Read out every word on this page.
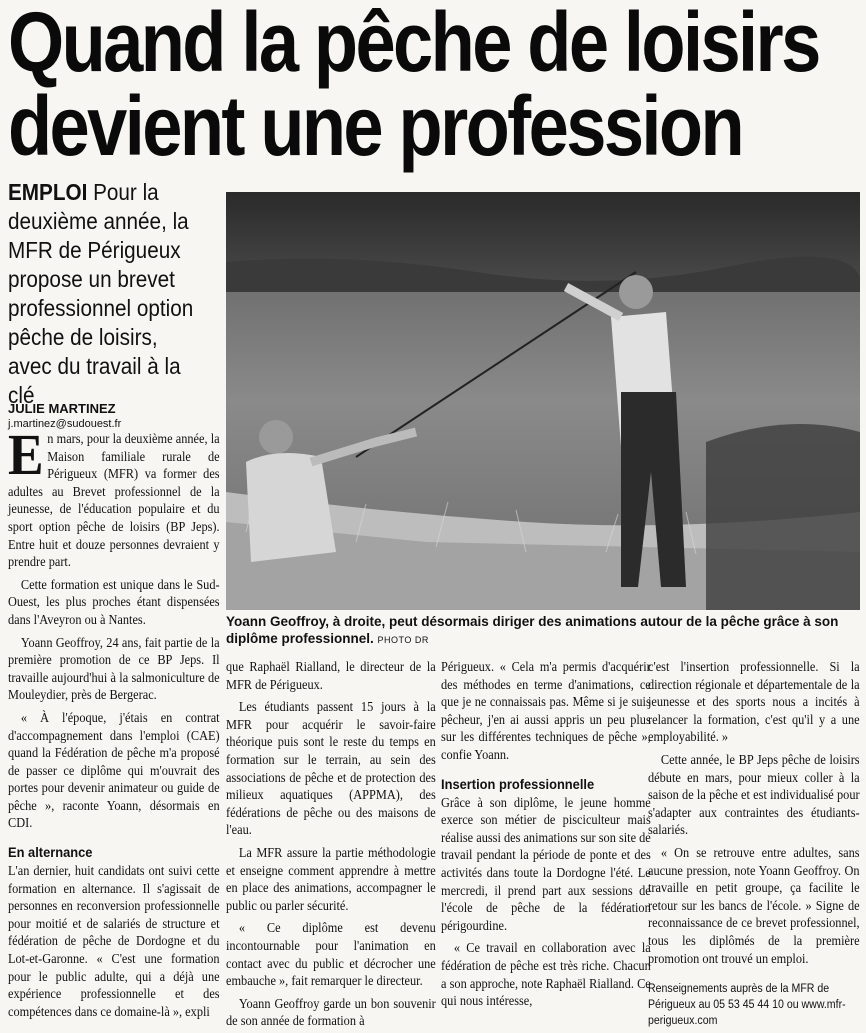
Quand la pêche de loisirs
devient une profession
EMPLOI Pour la deuxième année, la MFR de Périgueux propose un brevet professionnel option pêche de loisirs, avec du travail à la clé
JULIE MARTINEZ
j.martinez@sudouest.fr
Yoann Geoffroy, à droite, peut désormais diriger des animations autour de la pêche grâce à son diplôme professionnel. PHOTO DR

En mars, pour la deuxième année, la Maison familiale rurale de Périgueux (MFR) va former des adultes au Brevet professionnel de la jeunesse, de l'éducation populaire et du sport option pêche de loisirs (BP Jeps). Entre huit et douze personnes devraient y prendre part.

Cette formation est unique dans le Sud-Ouest, les plus proches étant dispensées dans l'Aveyron ou à Nantes.

Yoann Geoffroy, 24 ans, fait partie de la première promotion de ce BP Jeps. Il travaille aujourd'hui à la salmoniculture de Mouleydier, près de Bergerac.

« À l'époque, j'étais en contrat d'accompagnement dans l'emploi (CAE) quand la Fédération de pêche m'a proposé de passer ce diplôme qui m'ouvrait des portes pour devenir animateur ou guide de pêche », raconte Yoann, désormais en CDI.

En alternance

L'an dernier, huit candidats ont suivi cette formation en alternance. Il s'agissait de personnes en reconversion professionnelle pour moitié et de salariés de structure et fédération de pêche de Dordogne et du Lot-et-Garonne. « C'est une formation pour le public adulte, qui a déjà une expérience professionnelle et des compétences dans ce domaine-là », expli

que Raphaël Rialland, le directeur de la MFR de Périgueux.

Les étudiants passent 15 jours à la MFR pour acquérir le savoir-faire théorique puis sont le reste du temps en formation sur le terrain, au sein des associations de pêche et de protection des milieux aquatiques (APPMA), des fédérations de pêche ou des maisons de l'eau.

La MFR assure la partie méthodologie et enseigne comment apprendre à mettre en place des animations, accompagner le public ou parler sécurité.

« Ce diplôme est devenu incontournable pour l'animation en contact avec du public et décrocher une embauche », fait remarquer le directeur.

Yoann Geoffroy garde un bon souvenir de son année de formation à

Périgueux. « Cela m'a permis d'acquérir des méthodes en terme d'animations, ce que je ne connaissais pas. Même si je suis pêcheur, j'en ai aussi appris un peu plus sur les différentes techniques de pêche », confie Yoann.

Insertion professionnelle

Grâce à son diplôme, le jeune homme exerce son métier de pisciculteur mais réalise aussi des animations sur son site de travail pendant la période de ponte et des activités dans toute la Dordogne l'été. Le mercredi, il prend part aux sessions de l'école de pêche de la fédération périgourdine.

« Ce travail en collaboration avec la fédération de pêche est très riche. Chacun a son approche, note Raphaël Rialland. Ce qui nous intéresse,

c'est l'insertion professionnelle. Si la direction régionale et départementale de la jeunesse et des sports nous a incités à relancer la formation, c'est qu'il y a une employabilité. »

Cette année, le BP Jeps pêche de loisirs débute en mars, pour mieux coller à la saison de la pêche et est individualisé pour s'adapter aux contraintes des étudiants-salariés.

« On se retrouve entre adultes, sans aucune pression, note Yoann Geoffroy. On travaille en petit groupe, ça facilite le retour sur les bancs de l'école. » Signe de reconnaissance de ce brevet professionnel, tous les diplômés de la première promotion ont trouvé un emploi.

Renseignements auprès de la MFR de Périgueux au 05 53 45 44 10 ou www.mfr-perigueux.com
